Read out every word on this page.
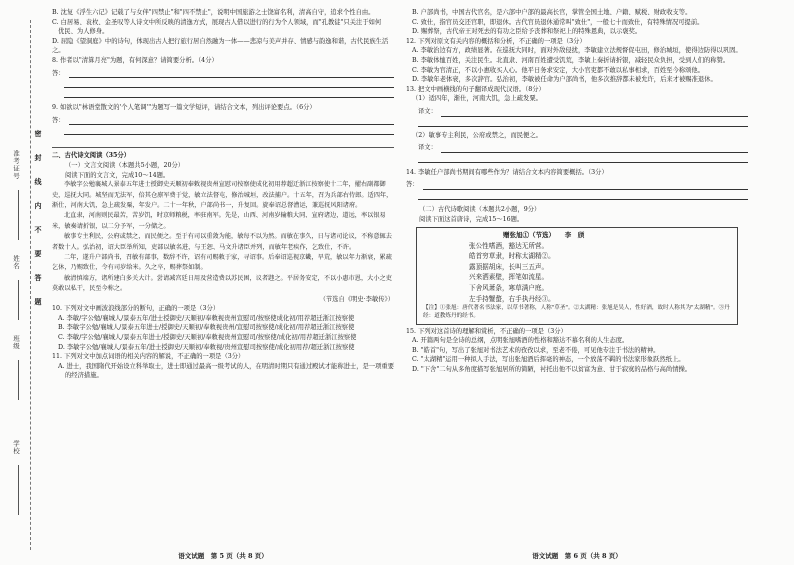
密　　封　　线　　内　　不　　要　　答　　题
准考证号
姓名
班级
学校

B. 沈复《浮生六记》记载了与女伴"四禁止"和"四不禁止"，说明中国旅游之士饶富名利，清高自守，追求个性自由。

C. 白居易、袁枚、金圣叹等人诗文中所反映的清逸方式，展现古人借以进行的行为个人领域，而"孔教徒"只关注于如何

优民、为人修身。

D. 屈隐《望洞庭》中的诗句，体现出古人把行旅行居自然融为一体——悲凉与美声并存、情感与韵逸和谐，古代民族生活之。

8. 作者以"清算月亮"为题，有何深意？请简要分析。（4分）

答：

9. 如欲以"林语堂散文的'个人笔调'"为题写一篇文学短评，请结合文本，列出评论要点。（6分）

答：

二、古代诗文阅读（35分）

（一）文言文阅读（本题共5小题，20分）

阅读下面的文言文，完成10～14题。

李敏字公勉襄城人景泰五年进士授御史天顺初奉敕视贵州宣慰司按察使成化初用荐超迁浙江按察使十二年，擢右副都御史，巡抚大同。城坚而无法军，倍其仓廪军费于觉，敏立法督屯，修治城垣，改法捕户。十五年，召为兵部右侍郎。适四年，渐仕，河南大饥，急上疏发粟，年发户。二十一年秋，户部尚书一，升复回。旋奉诏总督漕运，兼巡抚风阳诸府。

北直隶，河南则民最苦，苦岁饥，时京师粮税，率驻南军。先是，山西、河南岁输粮大同、宣府诸边，道远，率以银易米，敏奏请折银，以二分予军，一分储之。

敏事专主利民，公府或禁之，而民便之。至于有司以重敛为能，敏每不以为然。而敏在事久，日与诸司论议，不称意辄去者数十人。弘治初，诏大臣举所知，吏部以敏名进，与王恕、马文升诸臣并列，而敏年老疾作，乞致仕，不许。

二年，遂升户部尚书，召敏有部事，数辞不许，诏有司赐敕于家，寻诏事。后奉诏巡视京畿，旱荒，敏以年力渐衰，累疏乞休，乃赐致仕，令有司岁给米。久之卒，赐葬祭如制。

敏清慎端方，诸所建白多关大计。尝请减宫廷日用及营造费以苏民困，议者韪之。平居务安定，不以小惠市恩，大小之吏莫敢以私干，民至今称之。

（节选自《明史·李敏传》）

10. 下列对文中画波浪线部分的断句，正确的一项是（3分）

A. 李敏/字公勉/襄城人/景泰五年/进士授御史/天顺初/奉敕视贵州宣慰司/按察使成化初/用荐超迁浙江按察使

B. 李敏字公勉/襄城人/景泰五年进士/授御史/天顺初/奉敕视贵州/宣慰司按察使/成化初/用荐超迁浙江按察使

C. 李敏/字公勉/襄城人/景泰五年进士/授御史/天顺初/奉敕视贵州宣慰司/按察使/成化初/用荐超迁浙江按察使

D. 李敏字公勉/襄城人/景泰五年/进士授御史/天顺初/奉敕视/贵州宣慰司按察使/成化初用荐/超迁浙江按察使

11. 下列对文中加点词语的相关内容的解说，不正确的一项是（3分）

A. 进士，我国隋代开始设立科举取士，进士即通过最高一级考试的人，在明清时期只有通过殿试才能称进士，是一项重要

的经济措施。

语文试题　第 5 页（共 8 页）

B. 户部尚书，中国古代官名，是六部中户部的最高长官，掌管全国土地、户籍、赋税、财政收支等。

C. 致仕，指官员交还官职，即退休。古代官员退休通常叫"致仕"，一般七十而致仕，有特殊情况可提前。

D. 赐葬祭，古代帝王对死去的有功之臣给予丧葬和祭祀上的特殊恩典，以示褒奖。

12. 下列对原文有关内容的概括和分析，不正确的一项是（3分）

A. 李敏治边有方，政绩显著。在巡抚大同时，面对外敌侵扰，李敏建立法规督促屯田，修治城垣，使得边防得以巩固。

B. 李敏体恤百姓，关注民生。北直隶、河南百姓遭受饥荒，李敏上奏折请折银，减轻民众负担，受到人们的称赞。

C. 李敏为官清正，不以小惠收买人心。他平日务求安定，大小官吏都不敢以私事相求，百姓至今称颂他。

D. 李敏年老体衰，多次辞官。弘治初，李敏被任命为户部尚书，他多次推辞都未被允许，后来才被赐准退休。

13. 把文中画横线的句子翻译成现代汉语。（8分）

（1）适四年，渐仕，河南大饥，急上疏发粟。

译文：

（2）敏事专主利民，公府或禁之，而民便之。

译文：

14. 李敏任户部尚书期间有哪些作为？请结合文本内容简要概括。（3分）

答：

（二）古代诗歌阅读（本题共2小题，9分）

阅读下面这首唐诗，完成15～16题。

赠张旭①（节选）　　李　颀

张公性嗜酒，豁达无所营。

皓首穷草隶，时称太湖精②。

露顶据胡床，长叫三五声。

兴来洒素壁，挥笔如流星。

下舍风萧条，寒草满户庭。

左手持蟹螯，右手执丹经③。

【注】①张旭：唐代著名书法家，以草书著称，人称"草圣"。②太湖精：张旭是吴人，性好酒，故时人称其为"太湖精"。③丹经：道教炼丹的经书。

15. 下列对这首诗的理解和赏析，不正确的一项是（3分）

A. 开篇两句是全诗的总纲，点明张旭嗜酒的性格和豁达不慕名利的人生态度。

B. "皓首"句，写出了张旭对书法艺术的孜孜以求，至老不倦，可见他专注于书法的精神。

C. "太湖精"运用一种拟人手法，写出张旭酒后挥毫的神态，一个放荡不羁的书法家形象跃然纸上。

D. "下舍"二句从多角度描写张旭居所的简陋，衬托出他不以贫富为意、甘于寂寞的品格与高尚情操。

语文试题　第 6 页（共 8 页）
